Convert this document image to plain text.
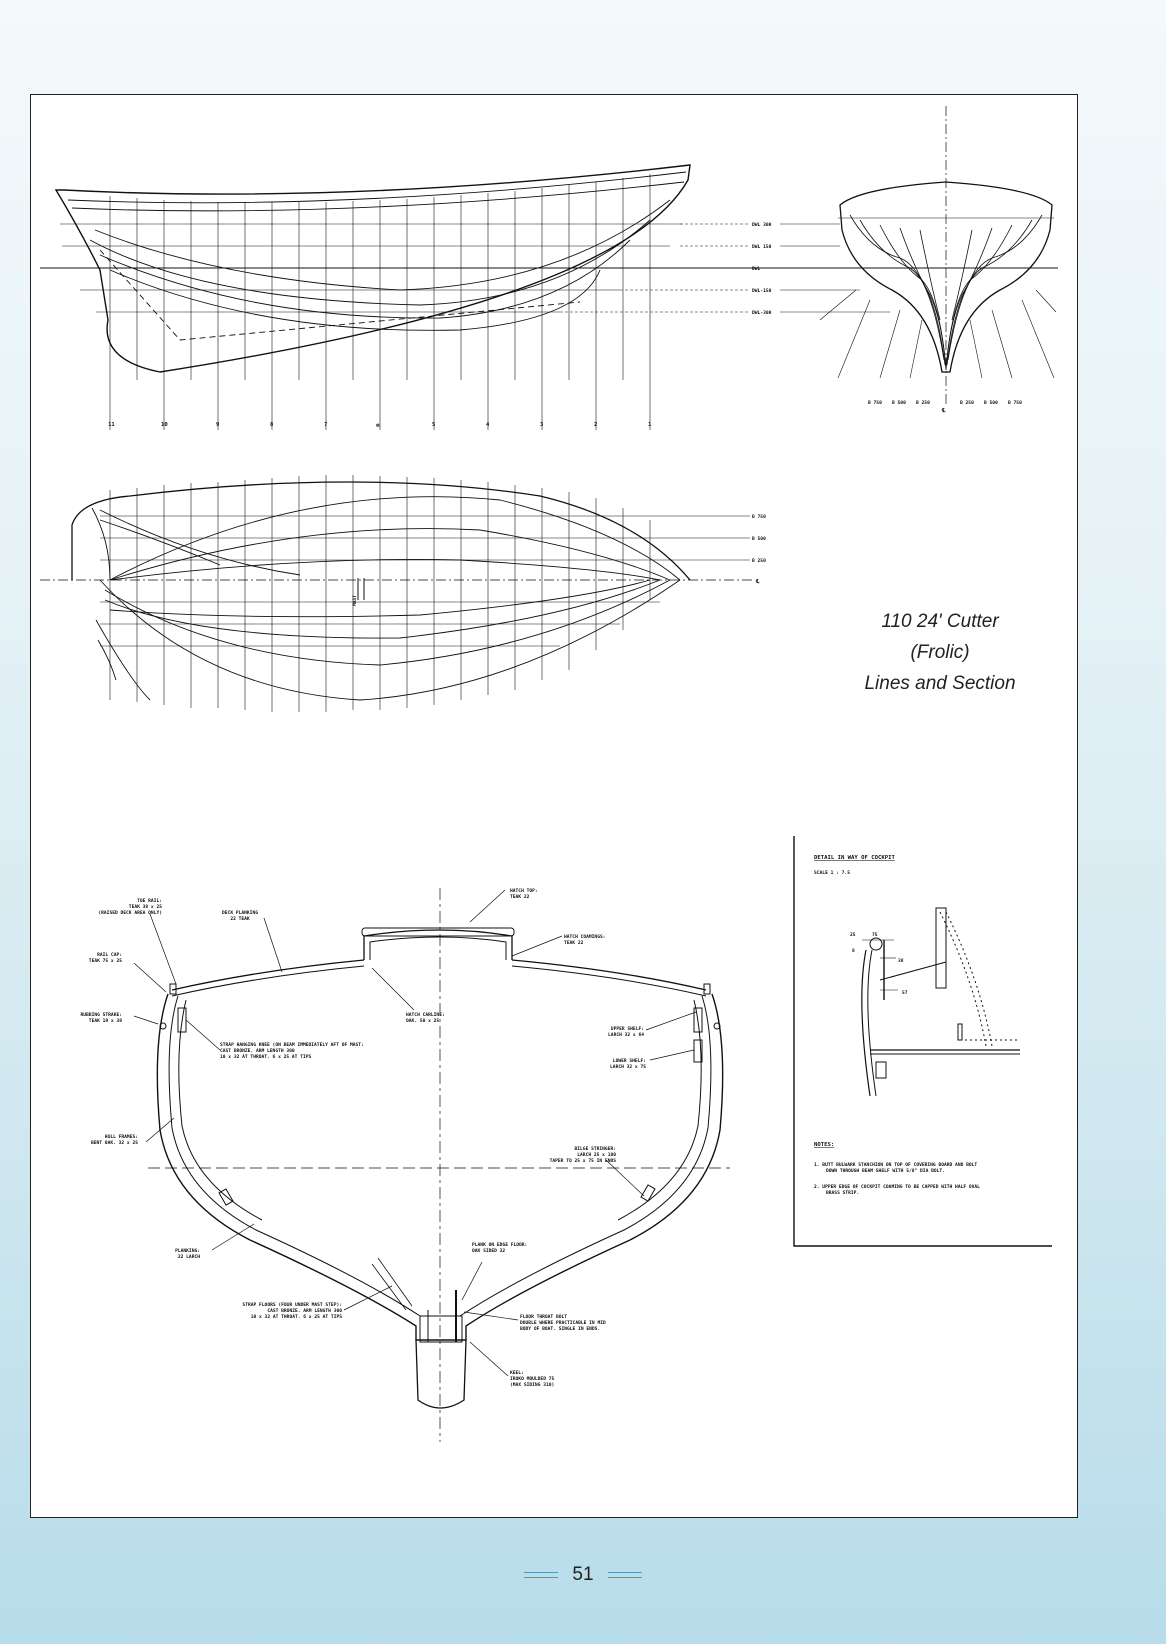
11	10	9	8	7	⊗	5	4	3	2	1
DWL 300
DWL 150
DWL
DWL-150
DWL-300
B 750 B 500 B 250	B 250 B 500 B 750
℄
B 750
B 500
B 250
℄
MAST
TOE RAIL: TEAK 38 x 25 (RAISED DECK AREA ONLY)
RAIL CAP: TEAK 75 x 25
RUBBING STRAKE: TEAK 19 x 38
DECK PLANKING 22 TEAK
HATCH TOP: TEAK 22
HATCH COAMINGS: TEAK 22
HATCH CARLINE: OAK. 50 x 25
STRAP HANGING KNEE (ON BEAM IMMEDIATELY AFT OF MAST: CAST BRONZE. ARM LENGTH 300 10 x 32 AT THROAT. 6 x 25 AT TIPS
UPPER SHELF: LARCH 32 x 64
LOWER SHELF: LARCH 32 x 75
HULL FRAMES: BENT OAK. 32 x 25
BILGE STRINGER: LARCH 25 x 100 TAPER TO 25 x 75 IN ENDS
PLANKING: 22 LARCH
PLANK ON EDGE FLOOR: OAK SIDED 32
STRAP FLOORS (FOUR UNDER MAST STEP): CAST BRONZE. ARM LENGTH 300 10 x 32 AT THROAT. 6 x 25 AT TIPS	FLOOR THROAT BOLT DOUBLE WHERE PRACTICABLE IN MID BODY OF BOAT. SINGLE IN ENDS.
KEEL: IROKO MOULDED 75 (MAX SIDING 310)
DETAIL IN WAY OF COCKPIT
SCALE 1 : 7.5
25	75
38
57
8
NOTES:
1. BUTT BULWARK STANCHION ON TOP OF COVERING BOARD AND BOLT DOWN THROUGH BEAM SHELF WITH 5/8" DIA BOLT.
2. UPPER EDGE OF COCKPIT COAMING TO BE CAPPED WITH HALF OVAL BRASS STRIP.
110 24' Cutter
(Frolic)
Lines and Section
51
